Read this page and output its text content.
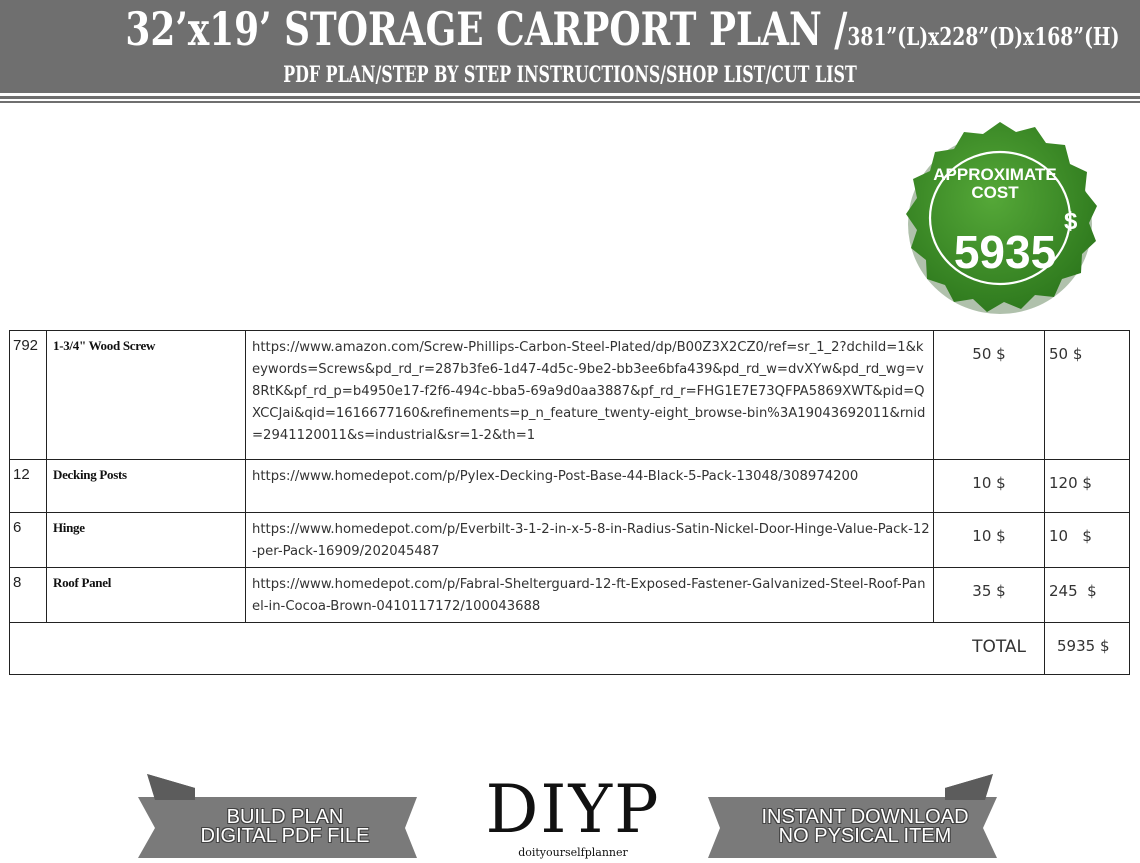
32’x19’ STORAGE CARPORT PLAN /381”(L)x228”(D)x168”(H)
PDF PLAN/STEP BY STEP INSTRUCTIONS/SHOP LIST/CUT LIST
APPROXIMATE
COST
5935
$
792	1-3/4" Wood Screw	https://www.amazon.com/Screw-Phillips-Carbon-Steel-Plated/dp/B00Z3X2CZ0/ref=sr_1_2?dchild=1&keywords=Screws&pd_rd_r=287b3fe6-1d47-4d5c-9be2-bb3ee6bfa439&pd_rd_w=dvXYw&pd_rd_wg=v8RtK&pf_rd_p=b4950e17-f2f6-494c-bba5-69a9d0aa3887&pf_rd_r=FHG1E7E73QFPA5869XWT&pid=QXCCJai&qid=1616677160&refinements=p_n_feature_twenty-eight_browse-bin%3A19043692011&rnid=2941120011&s=industrial&sr=1-2&th=1	50 $	50 $
12	Decking Posts	https://www.homedepot.com/p/Pylex-Decking-Post-Base-44-Black-5-Pack-13048/308974200	10 $	120 $
6	Hinge	https://www.homedepot.com/p/Everbilt-3-1-2-in-x-5-8-in-Radius-Satin-Nickel-Door-Hinge-Value-Pack-12-per-Pack-16909/202045487	10 $	10   $
8	Roof Panel	https://www.homedepot.com/p/Fabral-Shelterguard-12-ft-Exposed-Fastener-Galvanized-Steel-Roof-Panel-in-Cocoa-Brown-0410117172/100043688	35 $	245  $
TOTAL				5935 $
BUILD PLAN
DIGITAL PDF FILE
INSTANT DOWNLOAD
NO PYSICAL ITEM
DIYP
doityourselfplanner
